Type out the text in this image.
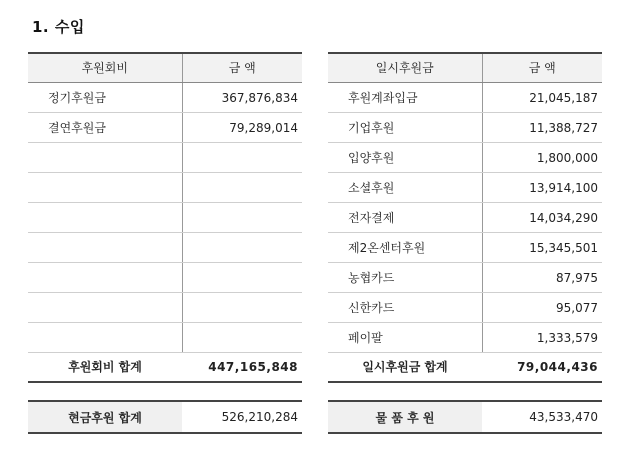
1. 수입
후원회비	금 액
정기후원금	367,876,834
결연후원금	79,289,014

후원회비 합계	447,165,848
일시후원금	금 액
후원계좌입금	21,045,187
기업후원	11,388,727
입양후원	1,800,000
소셜후원	13,914,100
전자결제	14,034,290
제2온센터후원	15,345,501
농협카드	87,975
신한카드	95,077
페이팔	1,333,579
일시후원금 합계	79,044,436
현금후원 합계	526,210,284	물 품 후 원	43,533,470
